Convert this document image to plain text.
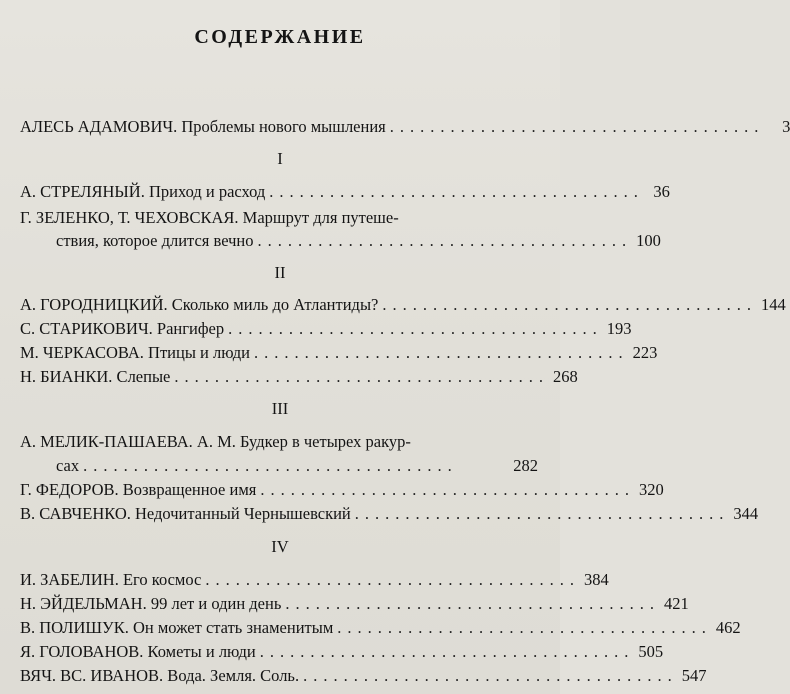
СОДЕРЖАНИЕ
АЛЕСЬ АДАМОВИЧ. Проблемы нового мышления .....................................	3
I
А. СТРЕЛЯНЫЙ. Приход и расход ..................................... 36
Г. ЗЕЛЕНКО, Т. ЧЕХОВСКАЯ. Маршрут для путеше-
ствия, которое длится вечно ..................................... 100
II
А. ГОРОДНИЦКИЙ. Сколько миль до Атлантиды? ..................................... 144
С. СТАРИКОВИЧ. Рангифер ..................................... 193
М. ЧЕРКАСОВА. Птицы и люди ..................................... 223
Н. БИАНКИ. Слепые ..................................... 268
III
А. МЕЛИК-ПАШАЕВА. А. М. Будкер в четырех ракур-
сах .....................................	282
Г. ФЕДОРОВ. Возвращенное имя ..................................... 320
В. САВЧЕНКО. Недочитанный Чернышевский ..................................... 344
IV
И. ЗАБЕЛИН. Его космос ..................................... 384
Н. ЭЙДЕЛЬМАН. 99 лет и один день ..................................... 421
В. ПОЛИШУК. Он может стать знаменитым ..................................... 462
Я. ГОЛОВАНОВ. Кометы и люди ..................................... 505
ВЯЧ. ВС. ИВАНОВ. Вода. Земля. Соль. ..................................... 547
